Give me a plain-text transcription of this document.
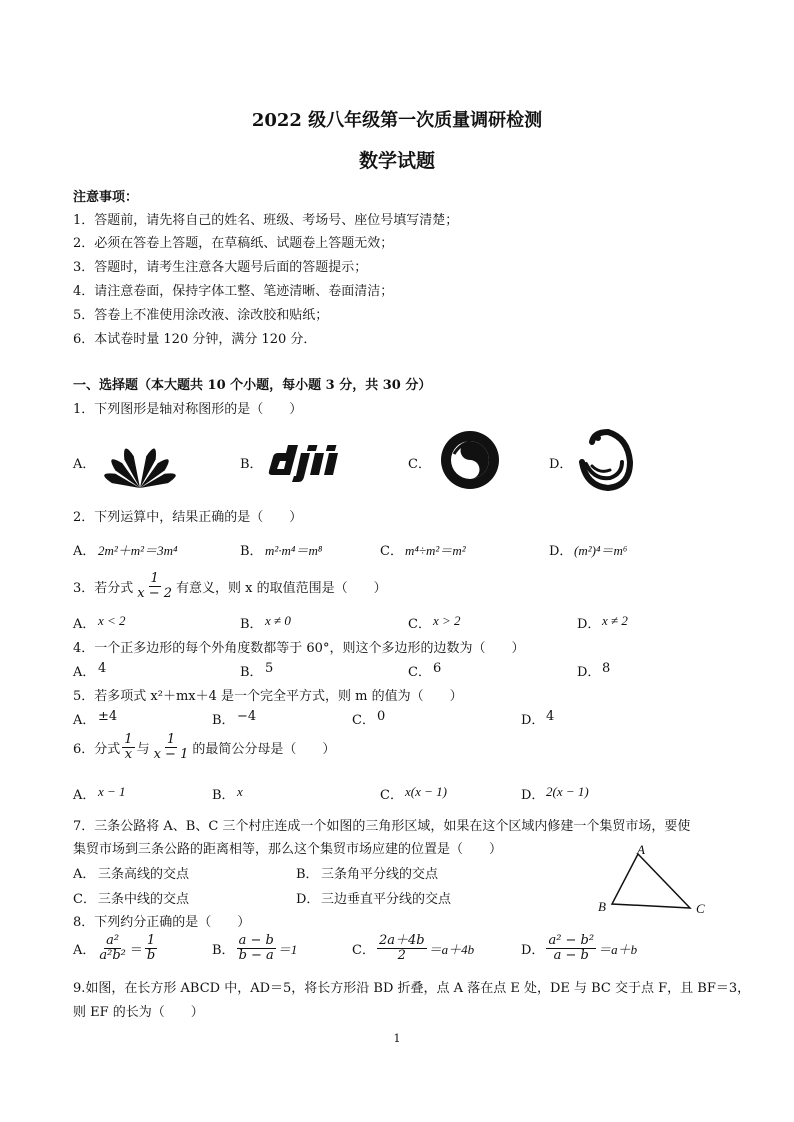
2022 级八年级第一次质量调研检测
数学试题
注意事项：
1．答题前，请先将自己的姓名、班级、考场号、座位号填写清楚；
2．必须在答卷上答题，在草稿纸、试题卷上答题无效；
3．答题时，请考生注意各大题号后面的答题提示；
4．请注意卷面，保持字体工整、笔迹清晰、卷面清洁；
5．答卷上不准使用涂改液、涂改胶和贴纸；
6．本试卷时量 120 分钟，满分 120 分．
一、选择题（本大题共 10 个小题，每小题 3 分，共 30 分）
1．下列图形是轴对称图形的是（　　）
A．	B．	C．	D．
2．下列运算中，结果正确的是（　　）
A． 2m²＋m²＝3m⁴	B． m²·m⁴＝m⁸	C． m⁴÷m²＝m²	D． (m²)⁴＝m⁶
3．若分式 $\frac{1}{x - 2}$ 有意义，则 x 的取值范围是（　　）
A． x < 2	B． x ≠ 0	C． x > 2	D． x ≠ 2
4．一个正多边形的每个外角度数都等于 60°，则这个多边形的边数为（　　）
A． 4	B． 5	C． 6	D． 8
5．若多项式 x²＋mx＋4 是一个完全平方式，则 m 的值为（　　）
A． ±4	B． −4	C． 0	D． 4
6．分式 $\frac{1}{x}$ 与 $\frac{1}{x - 1}$ 的最简公分母是（　　）
A． x − 1	B． x	C． x(x − 1)	D． 2(x − 1)
7．三条公路将 A、B、C 三个村庄连成一个如图的三角形区域，如果在这个区域内修建一个集贸市场，要使
集贸市场到三条公路的距离相等，那么这个集贸市场应建的位置是（　　）
A． 三条高线的交点	B． 三条角平分线的交点
C． 三条中线的交点	D． 三边垂直平分线的交点
A
B	C
8．下列约分正确的是（　　）
A． $\frac{\text{a²}}{\text{a²b²}} = \frac{1}{b}$	B． $\frac{a - b}{b - a} =1$	C． $\frac{2a+4b}{2} =a+4b$	D． $\frac{\text{a² − b²}}{a - b} =a+b$
9.如图，在长方形 ABCD 中，AD＝5，将长方形沿 BD 折叠，点 A 落在点 E 处，DE 与 BC 交于点 F，且 BF＝3，
则 EF 的长为（　　）
1
